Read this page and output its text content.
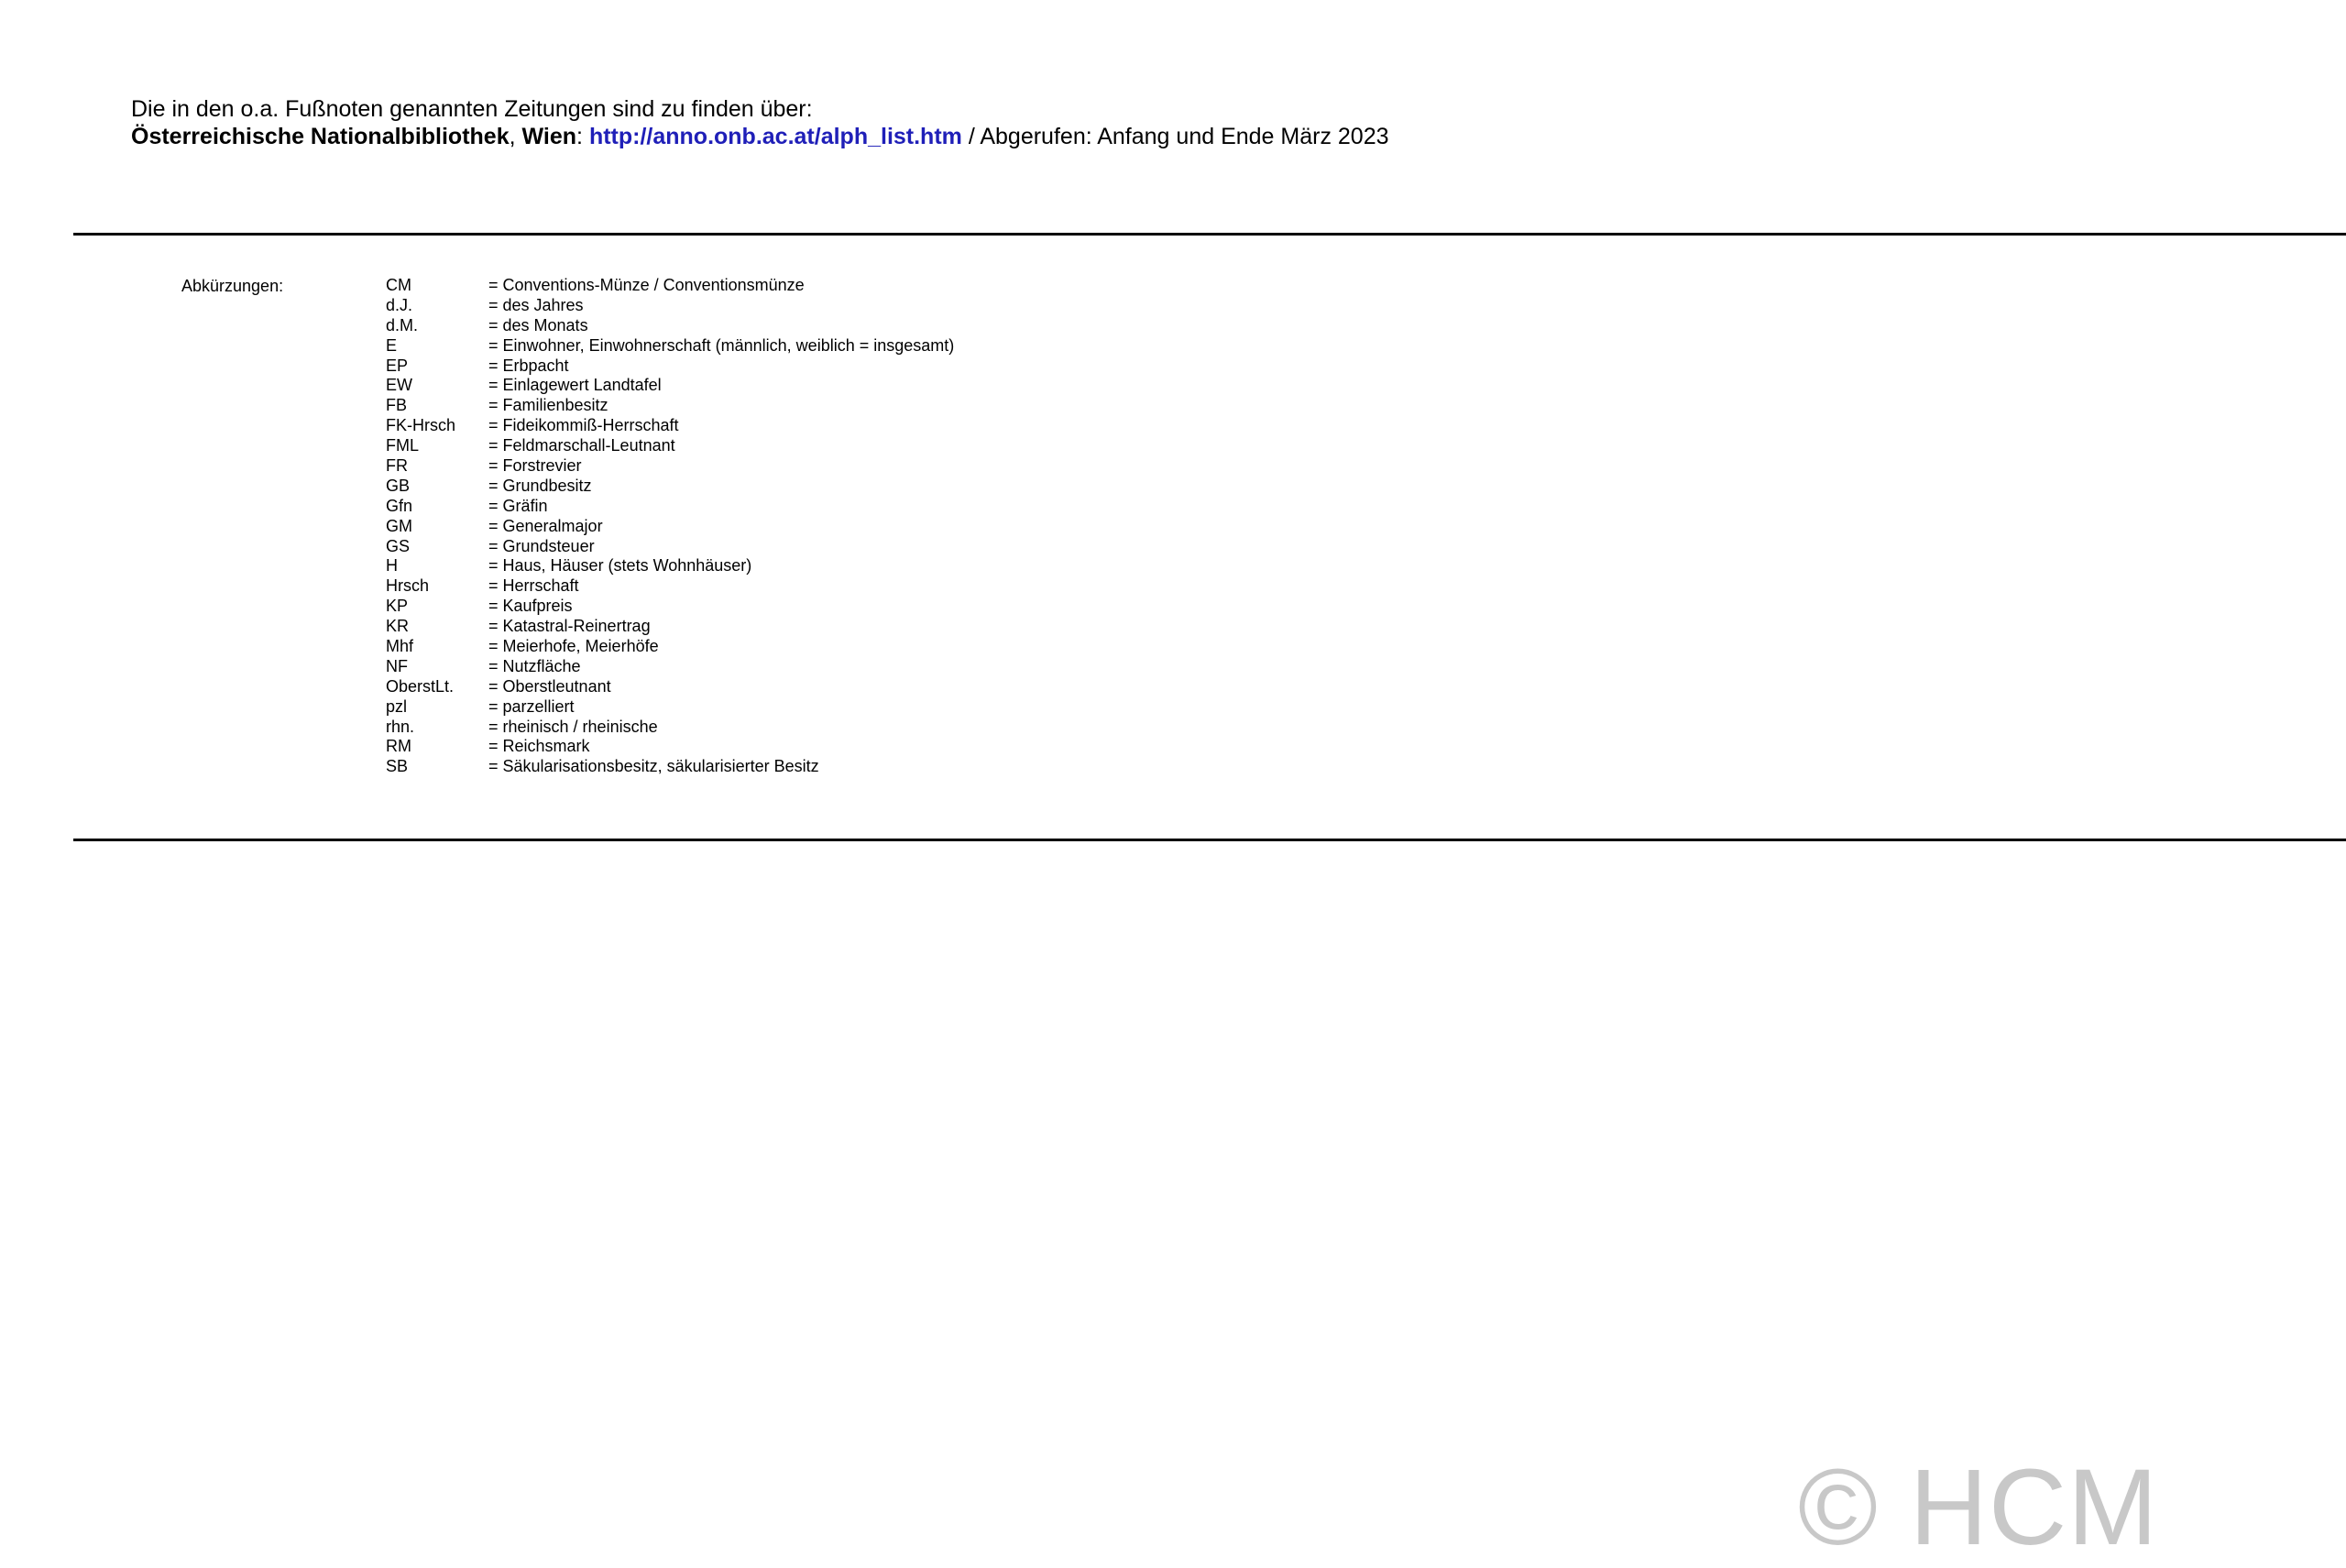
Die in den o.a. Fußnoten genannten Zeitungen sind zu finden über:
Österreichische Nationalbibliothek, Wien: http://anno.onb.ac.at/alph_list.htm / Abgerufen: Anfang und Ende März 2023
Abkürzungen:	CM	= Conventions-Münze / Conventionsmünze
d.J.	= des Jahres
d.M.	= des Monats
E	= Einwohner, Einwohnerschaft (männlich, weiblich = insgesamt)
EP	= Erbpacht
EW	= Einlagewert Landtafel
FB	= Familienbesitz
FK-Hrsch = Fideikommiß-Herrschaft
FML	= Feldmarschall-Leutnant
FR	= Forstrevier
GB	= Grundbesitz
Gfn	= Gräfin
GM	= Generalmajor
GS	= Grundsteuer
H	= Haus, Häuser (stets Wohnhäuser)
Hrsch	= Herrschaft
KP	= Kaufpreis
KR	= Katastral-Reinertrag
Mhf	= Meierhofe, Meierhöfe
NF	= Nutzfläche
OberstLt. = Oberstleutnant
pzl	= parzelliert
rhn.	= rheinisch / rheinische
RM	= Reichsmark
SB	= Säkularisationsbesitz, säkularisierter Besitz
© HCM
